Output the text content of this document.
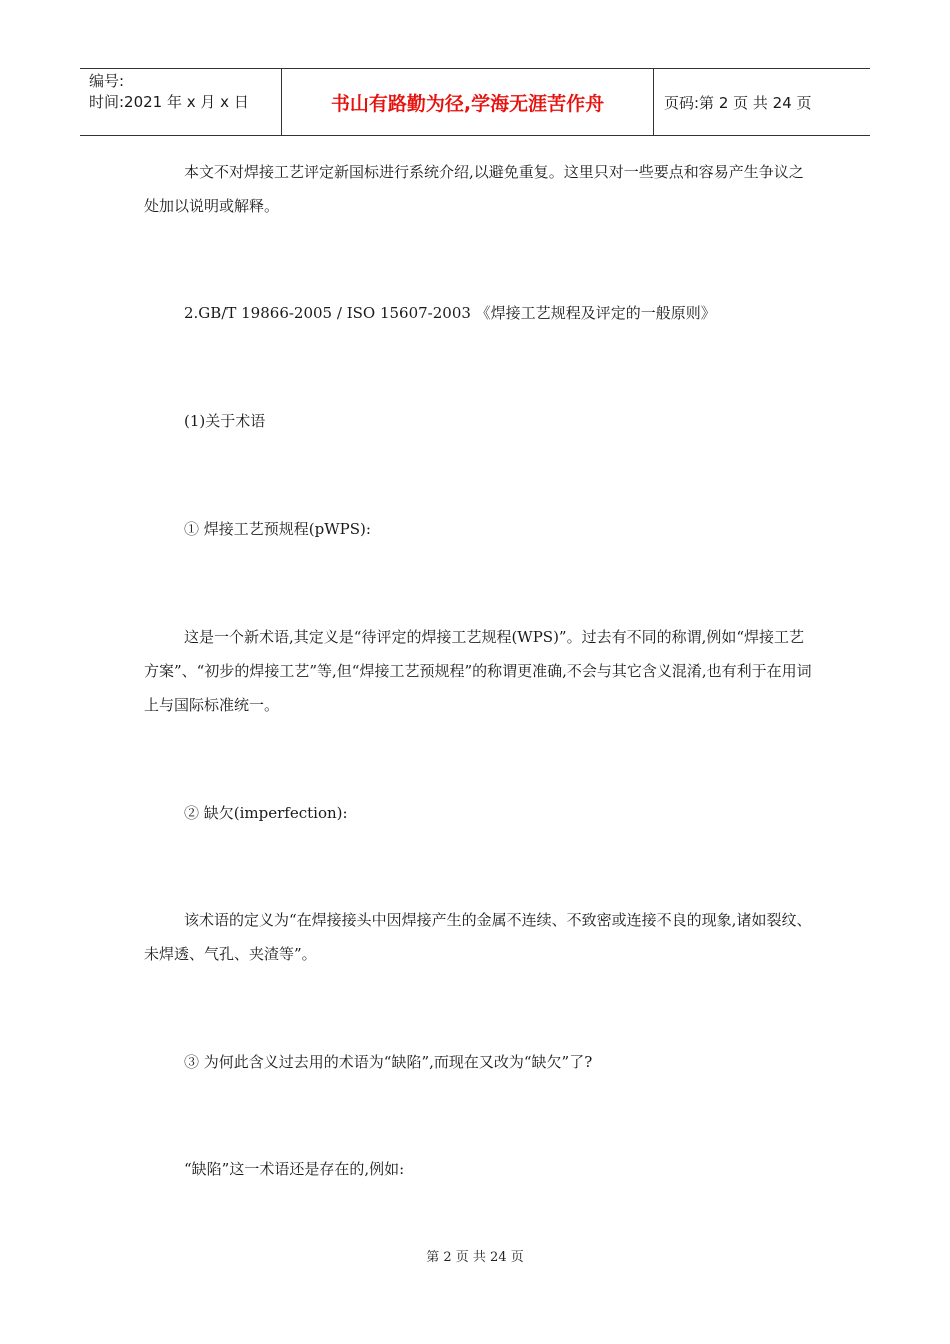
编号:
时间:2021 年 x 月 x 日	书山有路勤为径,学海无涯苦作舟	页码:第 2 页 共 24 页

本文不对焊接工艺评定新国标进行系统介绍,以避免重复。这里只对一些要点和容易产生争议之处加以说明或解释。

2.GB/T 19866-2005 / ISO 15607-2003 《焊接工艺规程及评定的一般原则》

(1)关于术语

① 焊接工艺预规程(pWPS):

这是一个新术语,其定义是“待评定的焊接工艺规程(WPS)”。过去有不同的称谓,例如“焊接工艺方案”、“初步的焊接工艺”等,但“焊接工艺预规程”的称谓更准确,不会与其它含义混淆,也有利于在用词上与国际标准统一。

② 缺欠(imperfection):

该术语的定义为“在焊接接头中因焊接产生的金属不连续、不致密或连接不良的现象,诸如裂纹、未焊透、气孔、夹渣等”。

③ 为何此含义过去用的术语为“缺陷”,而现在又改为“缺欠”了?

“缺陷”这一术语还是存在的,例如:

第 2 页 共 24 页
